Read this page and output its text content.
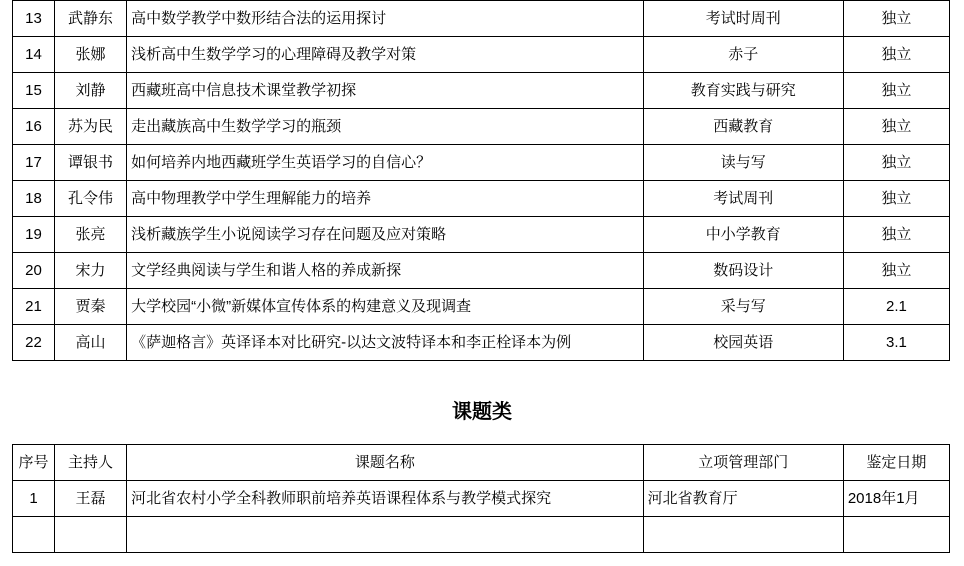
13	武静东	高中数学教学中数形结合法的运用探讨	考试时周刊	独立
14	张娜	浅析高中生数学学习的心理障碍及教学对策	赤子	独立
15	刘静	西藏班高中信息技术课堂教学初探	教育实践与研究	独立
16	苏为民	走出藏族高中生数学学习的瓶颈	西藏教育	独立
17	谭银书	如何培养内地西藏班学生英语学习的自信心？	读与写	独立
18	孔令伟	高中物理教学中学生理解能力的培养	考试周刊	独立
19	张亮	浅析藏族学生小说阅读学习存在问题及应对策略	中小学教育	独立
20	宋力	文学经典阅读与学生和谐人格的养成新探	数码设计	独立
21	贾秦	大学校园“小微”新媒体宣传体系的构建意义及现调查	采与写	2.1
22	高山	《萨迦格言》英译译本对比研究-以达文波特译本和李正栓译本为例	校园英语	3.1
课题类
序号	主持人	课题名称	立项管理部门	鉴定日期
1	王磊	河北省农村小学全科教师职前培养英语课程体系与教学模式探究	河北省教育厅	2018年1月
